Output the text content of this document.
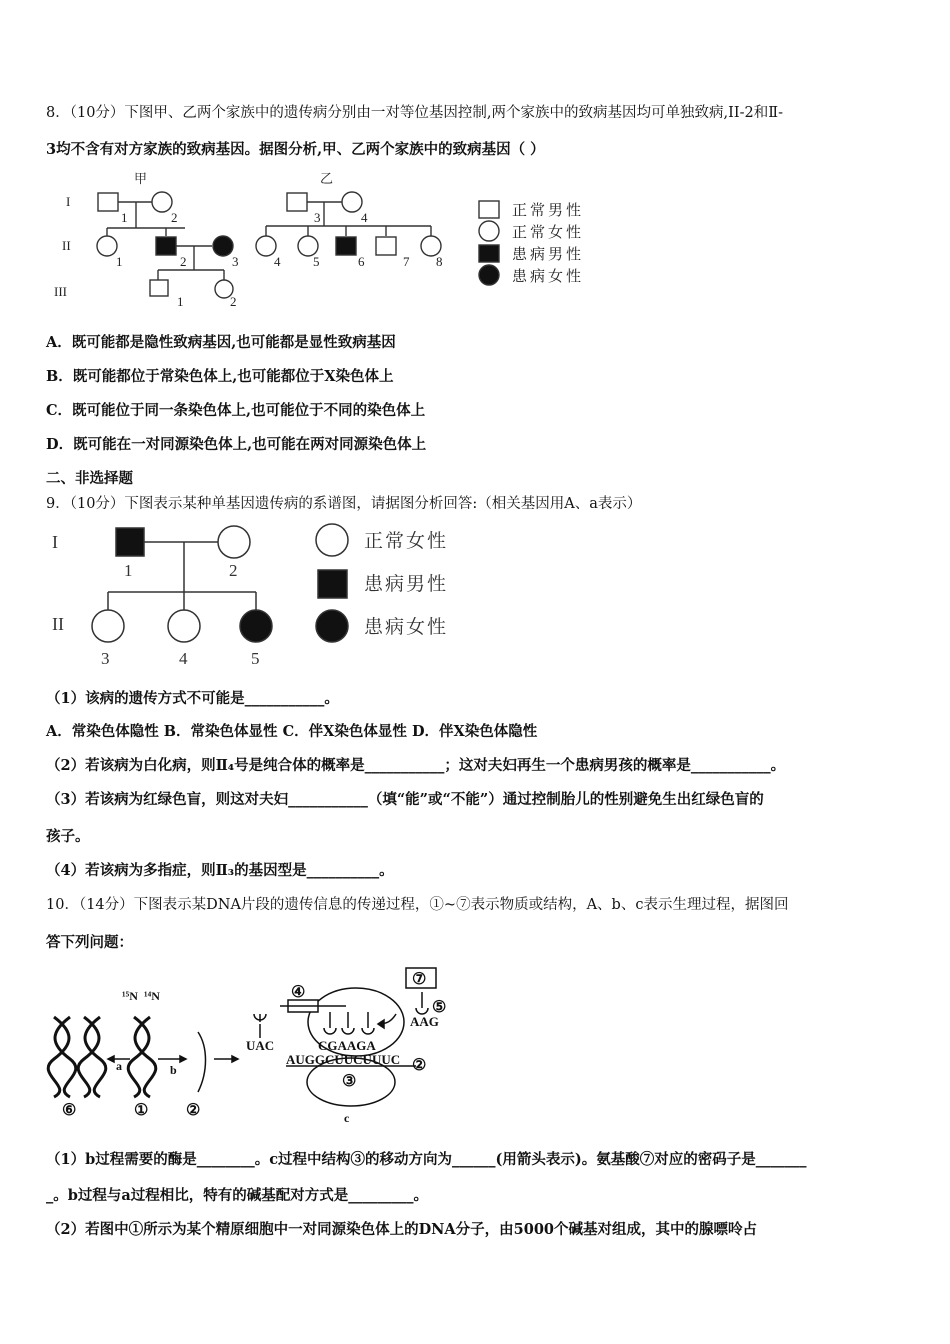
8．（10分）下图甲、乙两个家族中的遗传病分别由一对等位基因控制,两个家族中的致病基因均可单独致病,II-2和Ⅱ-
3均不含有对方家族的致病基因。据图分析,甲、乙两个家族中的致病基因（ ）
甲	乙
I
II
III
1	2	3	4
1	2	3	4	5	6	7 8
1	2
正常男性
正常女性
患病男性
患病女性
A．既可能都是隐性致病基因,也可能都是显性致病基因
B．既可能都位于常染色体上,也可能都位于X染色体上
C．既可能位于同一条染色体上,也可能位于不同的染色体上
D．既可能在一对同源染色体上,也可能在两对同源染色体上
二、非选择题
9．（10分）下图表示某种单基因遗传病的系谱图，请据图分析回答:（相关基因用A、a表示）
I
II
1	2
3	4	5
正常女性
患病男性
患病女性
（1）该病的遗传方式不可能是___________。
A．常染色体隐性 B．常染色体显性 C．伴X染色体显性 D．伴X染色体隐性
（2）若该病为白化病，则Ⅱ₄号是纯合体的概率是___________；这对夫妇再生一个患病男孩的概率是___________。
（3）若该病为红绿色盲，则这对夫妇___________（填“能”或“不能”）通过控制胎儿的性别避免生出红绿色盲的
孩子。
（4）若该病为多指症，则Ⅱ₃的基因型是__________。
10．（14分）下图表示某DNA片段的遗传信息的传递过程，①~⑦表示物质或结构，A、b、c表示生理过程，据图回
答下列问题：
¹⁵N ¹⁴N
a	b
c
⑥	① ②
③
④
⑤
⑦
②
UAC	CGAAGA
AAG
AUGGCUUCUUUC
（1）b过程需要的酶是________。c过程中结构③的移动方向为______(用箭头表示)。氨基酸⑦对应的密码子是_______
_。b过程与a过程相比，特有的碱基配对方式是_________。
（2）若图中①所示为某个精原细胞中一对同源染色体上的DNA分子，由5000个碱基对组成，其中的腺嘌呤占
